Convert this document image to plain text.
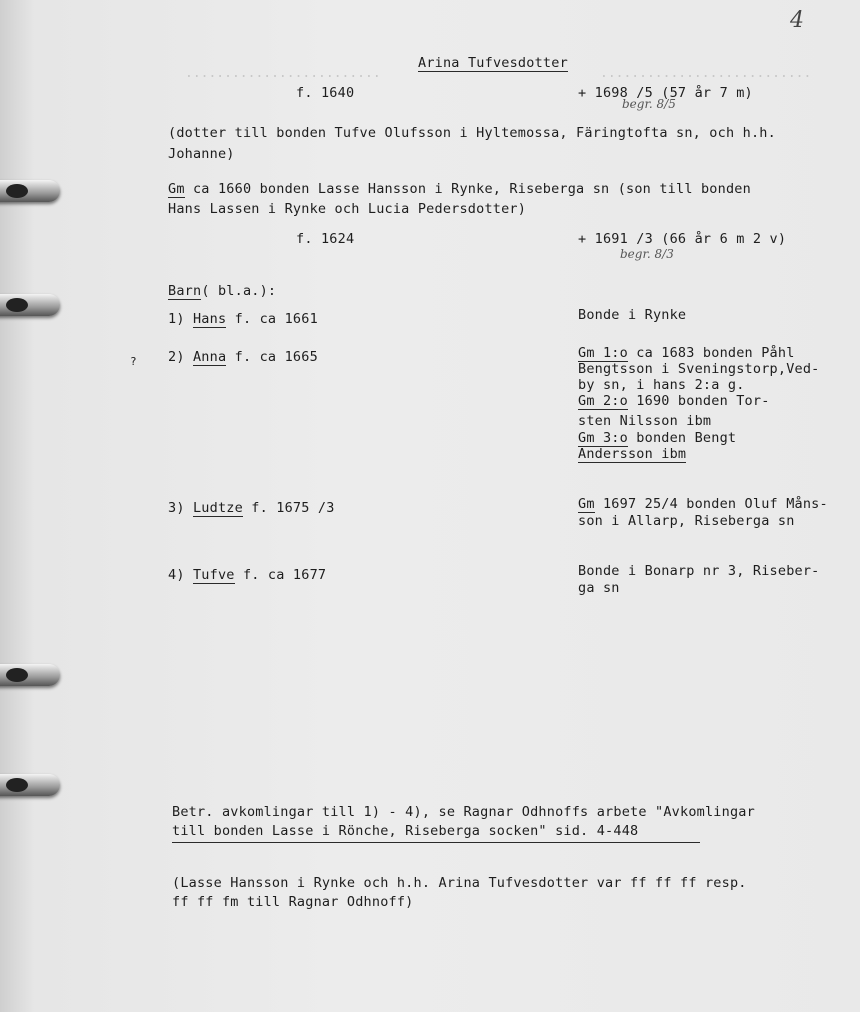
.........................	...........................
4
Arina Tufvesdotter
f. 1640	+ 1698 /5 (57 år 7 m)
begr. 8/5
(dotter till bonden Tufve Olufsson i Hyltemossa, Färingtofta sn, och h.h.
Johanne)
Gm ca 1660 bonden Lasse Hansson i Rynke, Riseberga sn (son till bonden
Hans Lassen i Rynke och Lucia Pedersdotter)
f. 1624	+ 1691 /3 (66 år 6 m 2 v)
begr. 8/3
Barn( bl.a.):
1) Hans f. ca 1661	Bonde i Rynke
? 2) Anna f. ca 1665	Gm 1:o ca 1683 bonden Påhl
Bengtsson i Sveningstorp,Ved-
by sn, i hans 2:a g.
Gm 2:o 1690 bonden Tor-
sten Nilsson ibm
Gm 3:o bonden Bengt
Andersson ibm
3) Ludtze f. 1675 /3	Gm 1697 25/4 bonden Oluf Måns-
son i Allarp, Riseberga sn
4) Tufve f. ca 1677	Bonde i Bonarp nr 3, Riseber-
ga sn
Betr. avkomlingar till 1) - 4), se Ragnar Odhnoffs arbete "Avkomlingar
till bonden Lasse i Rönche, Riseberga socken" sid. 4-448
(Lasse Hansson i Rynke och h.h. Arina Tufvesdotter var ff ff ff resp.
ff ff fm till Ragnar Odhnoff)
